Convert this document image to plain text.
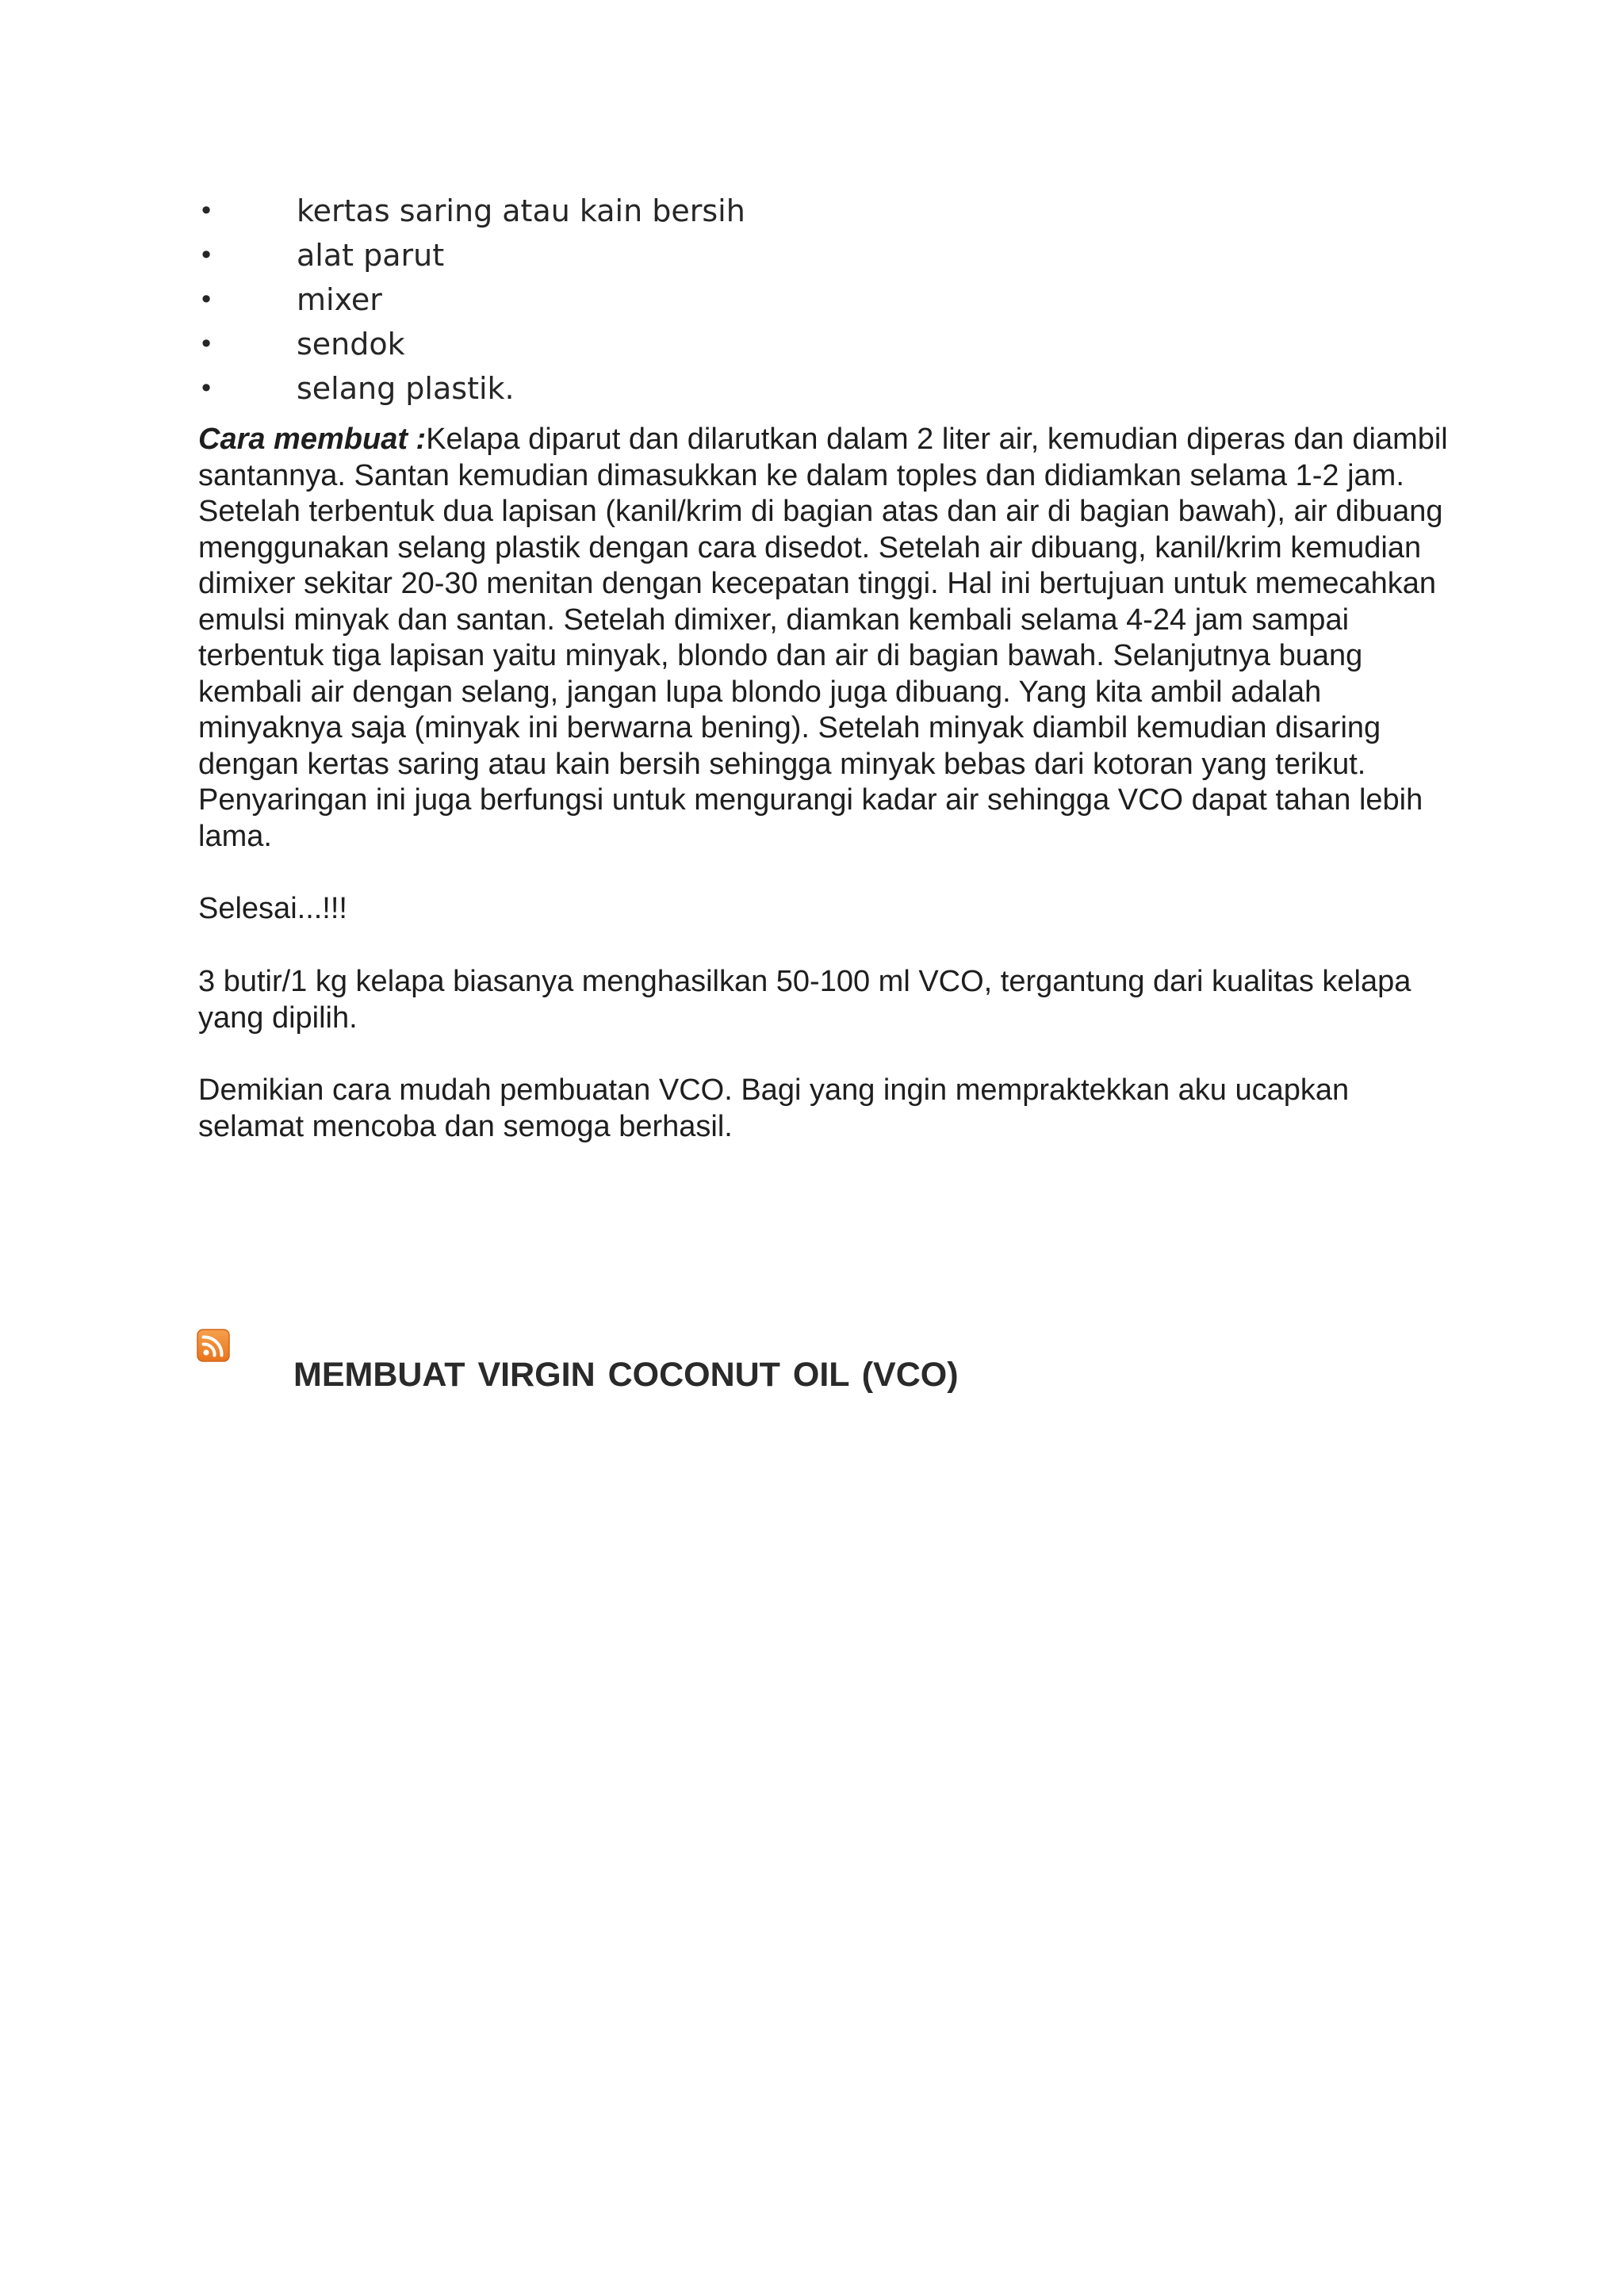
•	kertas saring atau kain bersih
•	alat parut
•	mixer
•	sendok
•	selang plastik.

Cara membuat :Kelapa diparut dan dilarutkan dalam 2 liter air, kemudian diperas dan diambil santannya. Santan kemudian dimasukkan ke dalam toples dan didiamkan selama 1-2 jam. Setelah terbentuk dua lapisan (kanil/krim di bagian atas dan air di bagian bawah), air dibuang menggunakan selang plastik dengan cara disedot. Setelah air dibuang, kanil/krim kemudian dimixer sekitar 20-30 menitan dengan kecepatan tinggi. Hal ini bertujuan untuk memecahkan emulsi minyak dan santan. Setelah dimixer, diamkan kembali selama 4-24 jam sampai terbentuk tiga lapisan yaitu minyak, blondo dan air di bagian bawah. Selanjutnya buang kembali air dengan selang, jangan lupa blondo juga dibuang. Yang kita ambil adalah minyaknya saja (minyak ini berwarna bening). Setelah minyak diambil kemudian disaring dengan kertas saring atau kain bersih sehingga minyak bebas dari kotoran yang terikut. Penyaringan ini juga berfungsi untuk mengurangi kadar air sehingga VCO dapat tahan lebih lama.

Selesai...!!!

3 butir/1 kg kelapa biasanya menghasilkan 50-100 ml VCO, tergantung dari kualitas kelapa yang dipilih.

Demikian cara mudah pembuatan VCO. Bagi yang ingin mempraktekkan aku ucapkan selamat mencoba dan semoga berhasil.

MEMBUAT VIRGIN COCONUT OIL (VCO)
